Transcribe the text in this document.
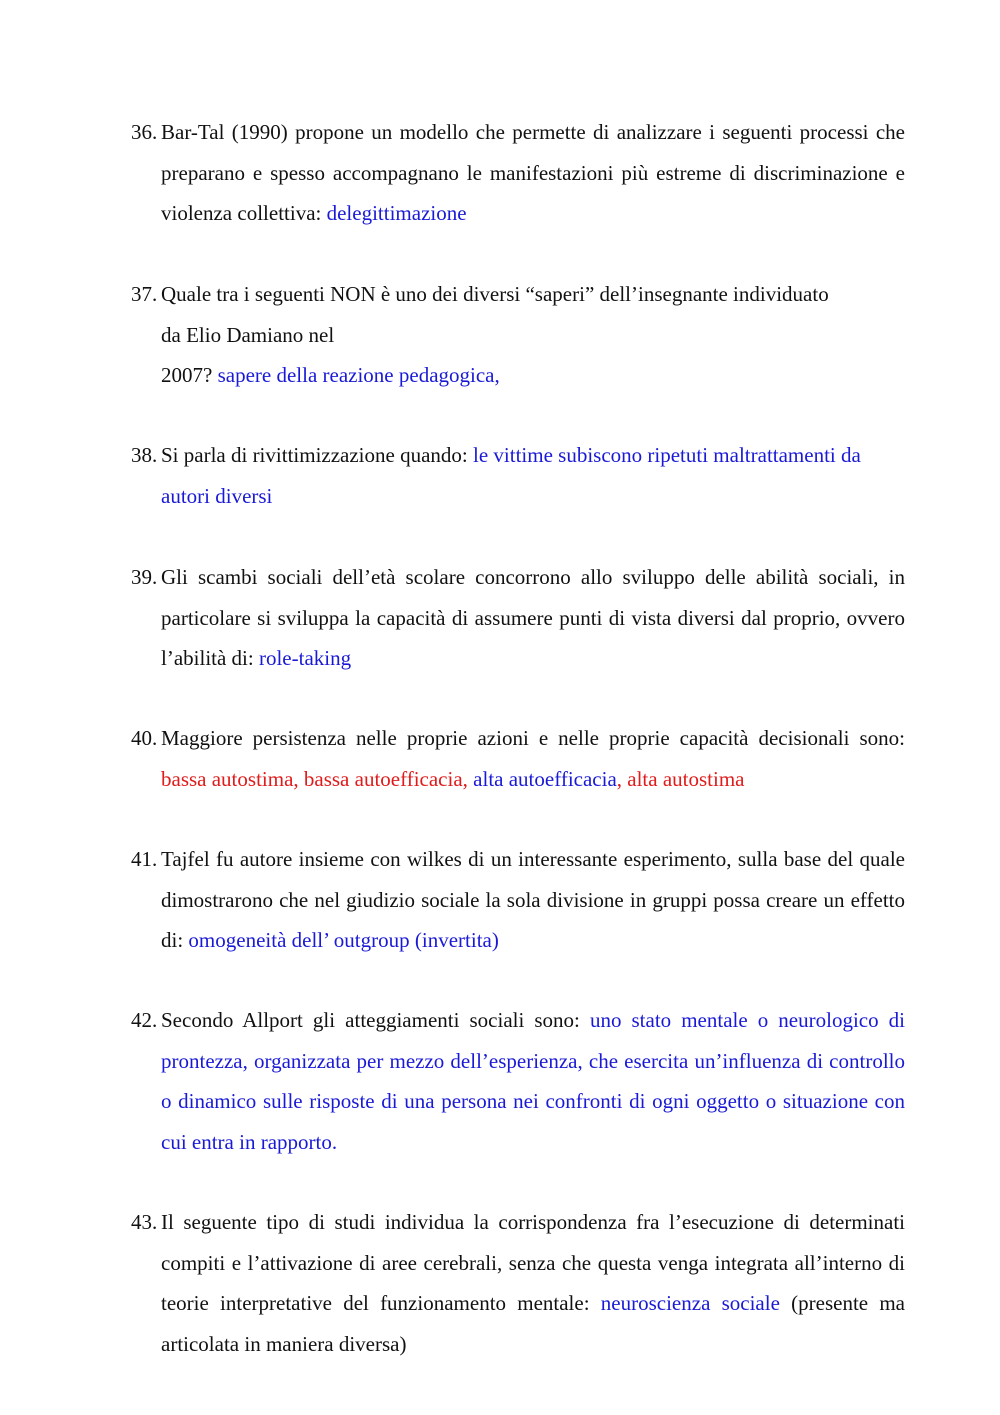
36. Bar-Tal (1990) propone un modello che permette di analizzare i seguenti processi che preparano e spesso accompagnano le manifestazioni più estreme di discriminazione e violenza collettiva: delegittimazione
37. Quale tra i seguenti NON è uno dei diversi “saperi” dell’insegnante individuato
da Elio Damiano nel
2007? sapere della reazione pedagogica,
38. Si parla di rivittimizzazione quando: le vittime subiscono ripetuti maltrattamenti da autori diversi
39. Gli scambi sociali dell’età scolare concorrono allo sviluppo delle abilità sociali, in particolare si sviluppa la capacità di assumere punti di vista diversi dal proprio, ovvero l’abilità di: role-taking
40. Maggiore persistenza nelle proprie azioni e nelle proprie capacità decisionali sono: bassa autostima, bassa autoefficacia, alta autoefficacia, alta autostima
41. Tajfel fu autore insieme con wilkes di un interessante esperimento, sulla base del quale dimostrarono che nel giudizio sociale la sola divisione in gruppi possa creare un effetto di: omogeneità dell’ outgroup (invertita)
42. Secondo Allport gli atteggiamenti sociali sono: uno stato mentale o neurologico di prontezza, organizzata per mezzo dell’esperienza, che esercita un’influenza di controllo o dinamico sulle risposte di una persona nei confronti di ogni oggetto o situazione con cui entra in rapporto.
43. Il seguente tipo di studi individua la corrispondenza fra l’esecuzione di determinati compiti e l’attivazione di aree cerebrali, senza che questa venga integrata all’interno di teorie interpretative del funzionamento mentale: neuroscienza sociale (presente ma articolata in maniera diversa)
